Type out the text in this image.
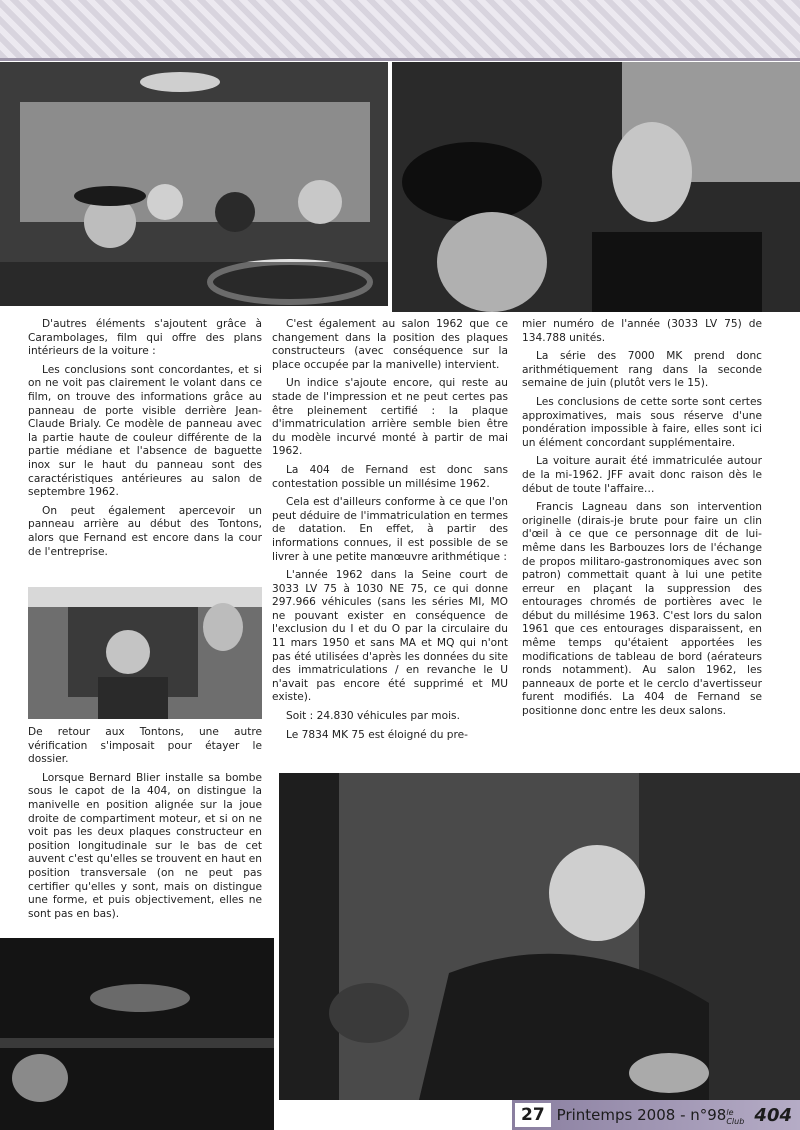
D'autres éléments s'ajoutent grâce à Carambolages, film qui offre des plans intérieurs de la voiture :

Les conclusions sont concordantes, et si on ne voit pas clairement le volant dans ce film, on trouve des informations grâce au panneau de porte visible derrière Jean-Claude Brialy. Ce modèle de panneau avec la partie haute de couleur différente de la partie médiane et l'absence de baguette inox sur le haut du panneau sont des caractéristiques antérieures au salon de septembre 1962.

On peut également apercevoir un panneau arrière au début des Tontons, alors que Fernand est encore dans la cour de l'entreprise.

De retour aux Tontons, une autre vérification s'imposait pour étayer le dossier.

Lorsque Bernard Blier installe sa bombe sous le capot de la 404, on distingue la manivelle en position alignée sur la joue droite de compartiment moteur, et si on ne voit pas les deux plaques constructeur en position longitudinale sur le bas de cet auvent c'est qu'elles se trouvent en haut en position transversale (on ne peut pas certifier qu'elles y sont, mais on distingue une forme, et puis objectivement, elles ne sont pas en bas).

C'est également au salon 1962 que ce changement dans la position des plaques constructeurs (avec conséquence sur la place occupée par la manivelle) intervient.

Un indice s'ajoute encore, qui reste au stade de l'impression et ne peut certes pas être pleinement certifié : la plaque d'immatriculation arrière semble bien être du modèle incurvé monté à partir de mai 1962.

La 404 de Fernand est donc sans contestation possible un millésime 1962.

Cela est d'ailleurs conforme à ce que l'on peut déduire de l'immatriculation en termes de datation. En effet, à partir des informations connues, il est possible de se livrer à une petite manœuvre arithmétique :

L'année 1962 dans la Seine court de 3033 LV 75 à 1030 NE 75, ce qui donne 297.966 véhicules (sans les séries MI, MO ne pouvant exister en conséquence de l'exclusion du I et du O par la circulaire du 11 mars 1950 et sans MA et MQ qui n'ont pas été utilisées d'après les données du site des immatriculations / en revanche le U n'avait pas encore été supprimé et MU existe).

Soit : 24.830 véhicules par mois.

Le 7834 MK 75 est éloigné du pre-

mier numéro de l'année (3033 LV 75) de 134.788 unités.

La série des 7000 MK prend donc arithmétiquement rang dans la seconde semaine de juin (plutôt vers le 15).

Les conclusions de cette sorte sont certes approximatives, mais sous réserve d'une pondération impossible à faire, elles sont ici un élément concordant supplémentaire.

La voiture aurait été immatriculée autour de la mi-1962. JFF avait donc raison dès le début de toute l'affaire…

Francis Lagneau dans son intervention originelle (dirais-je brute pour faire un clin d'œil à ce que ce personnage dit de lui-même dans les Barbouzes lors de l'échange de propos militaro-gastronomiques avec son patron) commettait quant à lui une petite erreur en plaçant la suppression des entourages chromés de portières avec le début du millésime 1963. C'est lors du salon 1961 que ces entourages disparaissent, en même temps qu'étaient apportées les modifications de tableau de bord (aérateurs ronds notamment). Au salon 1962, les panneaux de porte et le cerclo d'avertisseur furent modifiés. La 404 de Fernand se positionne donc entre les deux salons.

27 Printemps 2008 - n°98 le Club 404
